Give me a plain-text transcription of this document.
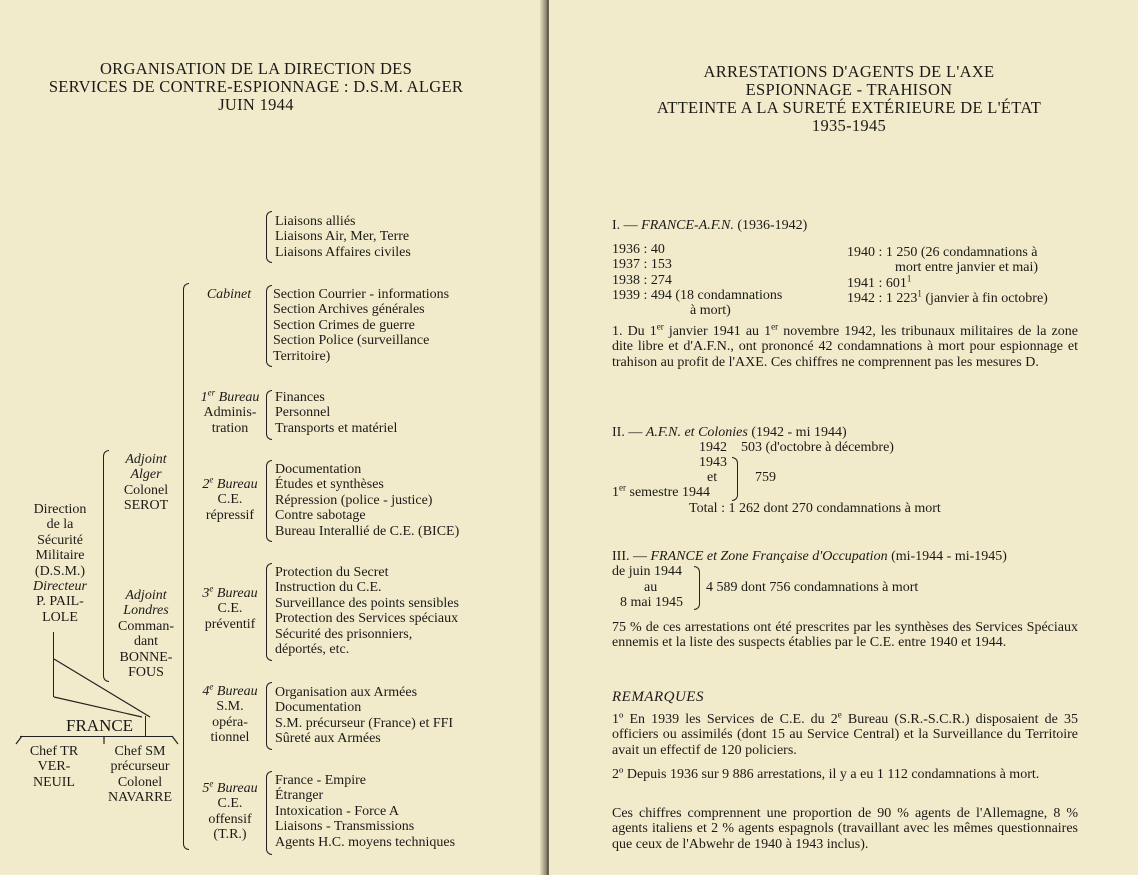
ORGANISATION DE LA DIRECTION DES
SERVICES DE CONTRE-ESPIONNAGE : D.S.M. ALGER
JUIN 1944
Direction
de la
Sécurité
Militaire
(D.S.M.)
Directeur
P. PAIL-
LOLE
FRANCE
Chef TR
VER-
NEUIL
Chef SM
précurseur
Colonel
NAVARRE
Adjoint
Alger
Colonel
SEROT
Adjoint
Londres
Comman-
dant
BONNE-
FOUS
Liaisons alliés
Liaisons Air, Mer, Terre
Liaisons Affaires civiles
Cabinet	Section Courrier - informations
Section Archives générales
Section Crimes de guerre
Section Police (surveillance
Territoire)
1er Bureau
Adminis-
tration
Finances
Personnel
Transports et matériel
2e Bureau
C.E.
répressif
Documentation
Études et synthèses
Répression (police - justice)
Contre sabotage
Bureau Interallié de C.E. (BICE)
3e Bureau
C.E.
préventif
Protection du Secret
Instruction du C.E.
Surveillance des points sensibles
Protection des Services spéciaux
Sécurité des prisonniers,
déportés, etc.
4e Bureau
S.M.
opéra-
tionnel
Organisation aux Armées
Documentation
S.M. précurseur (France) et FFI
Sûreté aux Armées
5e Bureau
C.E.
offensif
(T.R.)
France - Empire
Étranger
Intoxication - Force A
Liaisons - Transmissions
Agents H.C. moyens techniques
ARRESTATIONS D'AGENTS DE L'AXE
ESPIONNAGE - TRAHISON
ATTEINTE A LA SURETÉ EXTÉRIEURE DE L'ÉTAT
1935-1945
I. — FRANCE-A.F.N. (1936-1942)
1936 : 40
1937 : 153
1938 : 274
1939 : 494 (18 condamnations
à mort)
1940 : 1 250 (26 condamnations à
mort entre janvier et mai)
1941 : $601^1$
1942 : 1 $223^1$ (janvier à fin octobre)
1. Du 1er janvier 1941 au 1er novembre 1942, les tribunaux militaires de la zone dite libre et d'A.F.N., ont prononcé 42 condamnations à mort pour espionnage et trahison au profit de l'AXE. Ces chiffres ne comprennent pas les mesures D.
II. — A.F.N. et Colonies (1942 - mi 1944)
1942 503 (d'octobre à décembre)
1943
et
1er semestre 1944
759
Total : 1 262 dont 270 condamnations à mort
III. — FRANCE et Zone Française d'Occupation (mi-1944 - mi-1945)
de juin 1944
au
8 mai 1945
4 589 dont 756 condamnations à mort
75 % de ces arrestations ont été prescrites par les synthèses des Services Spéciaux ennemis et la liste des suspects établies par le C.E. entre 1940 et 1944.
REMARQUES
1º En 1939 les Services de C.E. du 2e Bureau (S.R.-S.C.R.) disposaient de 35 officiers ou assimilés (dont 15 au Service Central) et la Surveillance du Territoire avait un effectif de 120 policiers.
2º Depuis 1936 sur 9 886 arrestations, il y a eu 1 112 condamnations à mort.
Ces chiffres comprennent une proportion de 90 % agents de l'Allemagne, 8 % agents italiens et 2 % agents espagnols (travaillant avec les mêmes questionnaires que ceux de l'Abwehr de 1940 à 1943 inclus).
